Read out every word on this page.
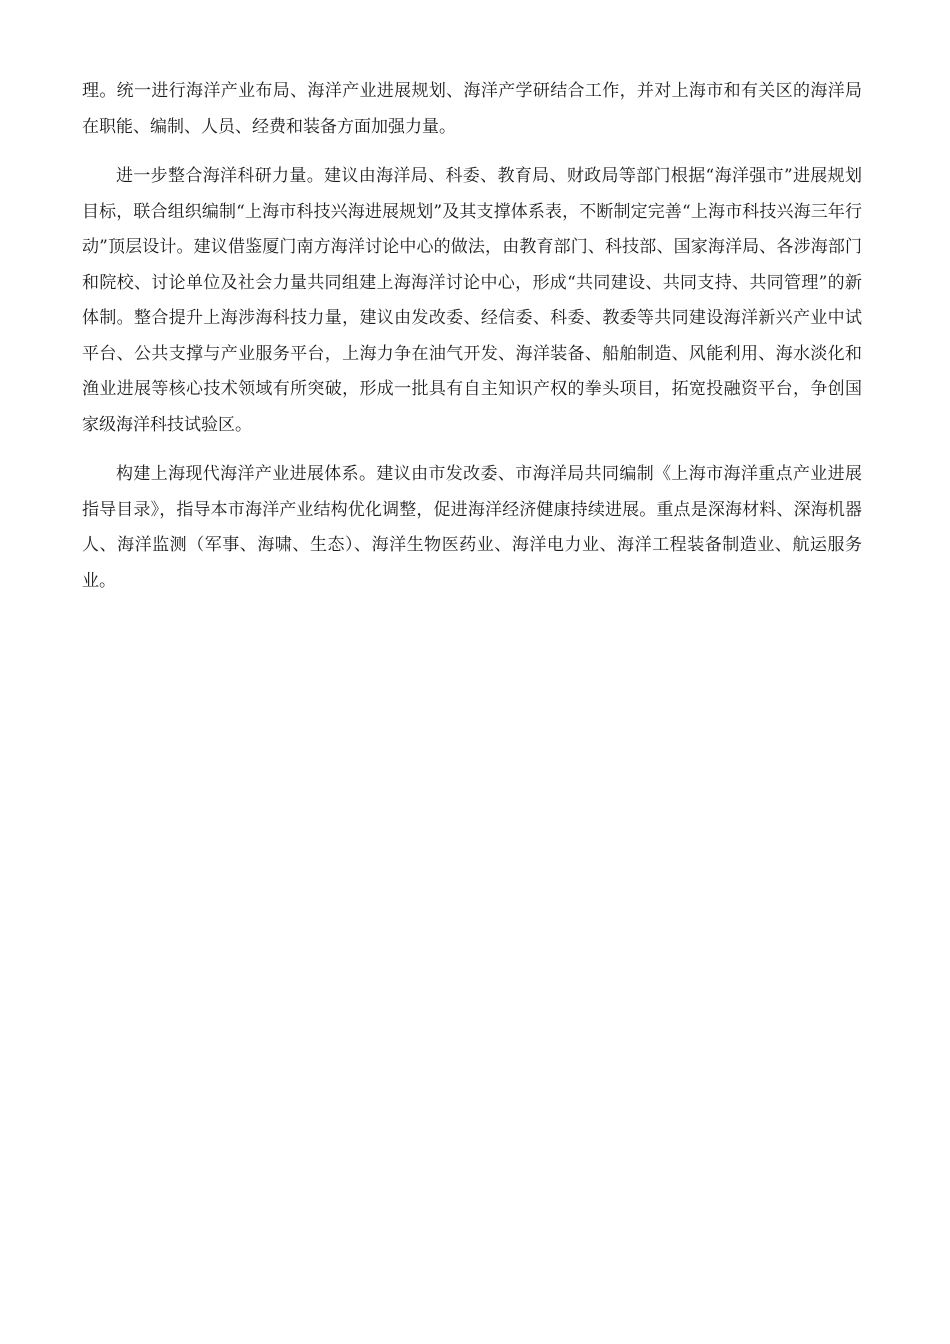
理。统一进行海洋产业布局、海洋产业进展规划、海洋产学研结合工作，并对上海市和有关区的海洋局在职能、编制、人员、经费和装备方面加强力量。

进一步整合海洋科研力量。建议由海洋局、科委、教育局、财政局等部门根据“海洋强市”进展规划目标，联合组织编制“上海市科技兴海进展规划”及其支撑体系表，不断制定完善“上海市科技兴海三年行动”顶层设计。建议借鉴厦门南方海洋讨论中心的做法，由教育部门、科技部、国家海洋局、各涉海部门和院校、讨论单位及社会力量共同组建上海海洋讨论中心，形成“共同建设、共同支持、共同管理”的新体制。整合提升上海涉海科技力量，建议由发改委、经信委、科委、教委等共同建设海洋新兴产业中试平台、公共支撑与产业服务平台，上海力争在油气开发、海洋装备、船舶制造、风能利用、海水淡化和渔业进展等核心技术领域有所突破，形成一批具有自主知识产权的拳头项目，拓宽投融资平台，争创国家级海洋科技试验区。

构建上海现代海洋产业进展体系。建议由市发改委、市海洋局共同编制《上海市海洋重点产业进展指导目录》，指导本市海洋产业结构优化调整，促进海洋经济健康持续进展。重点是深海材料、深海机器人、海洋监测（军事、海啸、生态）、海洋生物医药业、海洋电力业、海洋工程装备制造业、航运服务业。
